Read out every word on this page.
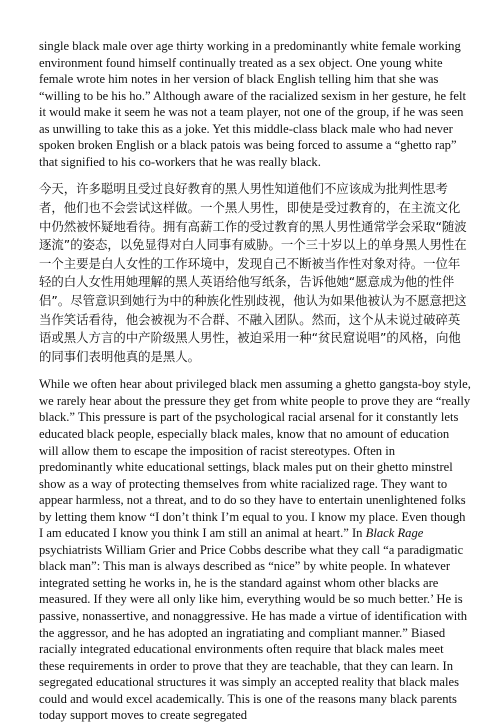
single black male over age thirty working in a predominantly white female working environment found himself continually treated as a sex object. One young white female wrote him notes in her version of black English telling him that she was “willing to be his ho.” Although aware of the racialized sexism in her gesture, he felt it would make it seem he was not a team player, not one of the group, if he was seen as unwilling to take this as a joke. Yet this middle-class black male who had never spoken broken English or a black patois was being forced to assume a “ghetto rap” that signified to his co-workers that he was really black.

今天，许多聪明且受过良好教育的黑人男性知道他们不应该成为批判性思考者，他们也不会尝试这样做。一个黑人男性，即使是受过教育的，在主流文化中仍然被怀疑地看待。拥有高薪工作的受过教育的黑人男性通常学会采取“随波逐流”的姿态，以免显得对白人同事有威胁。一个三十岁以上的单身黑人男性在一个主要是白人女性的工作环境中，发现自己不断被当作性对象对待。一位年轻的白人女性用她理解的黑人英语给他写纸条，告诉他她“愿意成为他的性伴侣”。尽管意识到她行为中的种族化性别歧视，他认为如果他被认为不愿意把这当作笑话看待，他会被视为不合群、不融入团队。然而，这个从未说过破碎英语或黑人方言的中产阶级黑人男性，被迫采用一种“贫民窟说唱”的风格，向他的同事们表明他真的是黑人。

While we often hear about privileged black men assuming a ghetto gangsta-boy style, we rarely hear about the pressure they get from white people to prove they are “really black.” This pressure is part of the psychological racial arsenal for it constantly lets educated black people, especially black males, know that no amount of education will allow them to escape the imposition of racist stereotypes. Often in predominantly white educational settings, black males put on their ghetto minstrel show as a way of protecting themselves from white racialized rage. They want to appear harmless, not a threat, and to do so they have to entertain unenlightened folks by letting them know “I don’t think I’m equal to you. I know my place. Even though I am educated I know you think I am still an animal at heart.” In Black Rage psychiatrists William Grier and Price Cobbs describe what they call “a paradigmatic black man”: This man is always described as “nice” by white people. In whatever integrated setting he works in, he is the standard against whom other blacks are measured. If they were all only like him, everything would be so much better.’ He is passive, nonassertive, and nonaggressive. He has made a virtue of identification with the aggressor, and he has adopted an ingratiating and compliant manner.” Biased racially integrated educational environments often require that black males meet these requirements in order to prove that they are teachable, that they can learn. In segregated educational structures it was simply an accepted reality that black males could and would excel academically. This is one of the reasons many black parents today support moves to create segregated
